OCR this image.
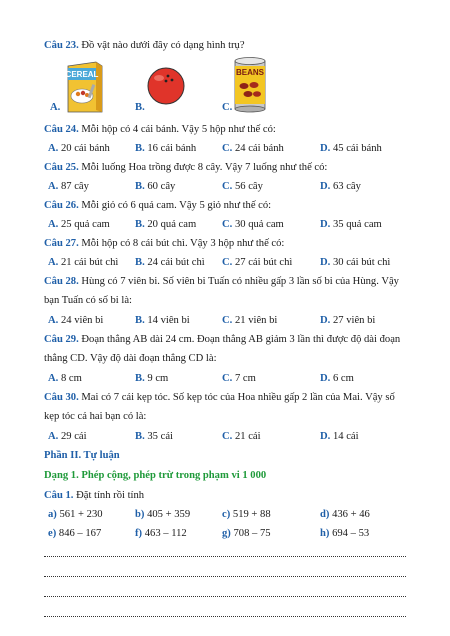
Câu 23. Đồ vật nào dưới đây có dạng hình trụ?
A.
CEREAL
B.	C.
BEANS
Câu 24. Mỗi hộp có 4 cái bánh. Vậy 5 hộp như thế có:
A. 20 cái bánh B. 16 cái bánh C. 24 cái bánh	D. 45 cái bánh
Câu 25. Mỗi luống Hoa trồng được 8 cây. Vậy 7 luống như thế có:
A. 87 cây	B. 60 cây	C. 56 cây	D. 63 cây
Câu 26. Mỗi giỏ có 6 quả cam. Vậy 5 giỏ như thế có:
A. 25 quả cam B. 20 quả cam C. 30 quả cam	D. 35 quả cam
Câu 27. Mỗi hộp có 8 cái bút chì. Vậy 3 hộp như thế có:
A. 21 cái bút chì B. 24 cái bút chì C. 27 cái bút chì	D. 30 cái bút chì
Câu 28. Hùng có 7 viên bi. Số viên bi Tuấn có nhiều gấp 3 lần số bi của Hùng. Vậy
bạn Tuấn có số bi là:
A. 24 viên bi	B. 14 viên bi	C. 21 viên bi	D. 27 viên bi
Câu 29. Đoạn thẳng AB dài 24 cm. Đoạn thẳng AB giảm 3 lần thì được độ dài đoạn
thẳng CD. Vậy độ dài đoạn thẳng CD là:
A. 8 cm	B. 9 cm	C. 7 cm	D. 6 cm
Câu 30. Mai có 7 cái kẹp tóc. Số kẹp tóc của Hoa nhiều gấp 2 lần của Mai. Vậy số
kẹp tóc cả hai bạn có là:
A. 29 cái	B. 35 cái	C. 21 cái	D. 14 cái
Phần II. Tự luận
Dạng 1. Phép cộng, phép trừ trong phạm vi 1 000
Câu 1. Đặt tính rồi tính
a) 561 + 230	b) 405 + 359	c) 519 + 88	d) 436 + 46
e) 846 – 167	f) 463 – 112	g) 708 – 75	h) 694 – 53
